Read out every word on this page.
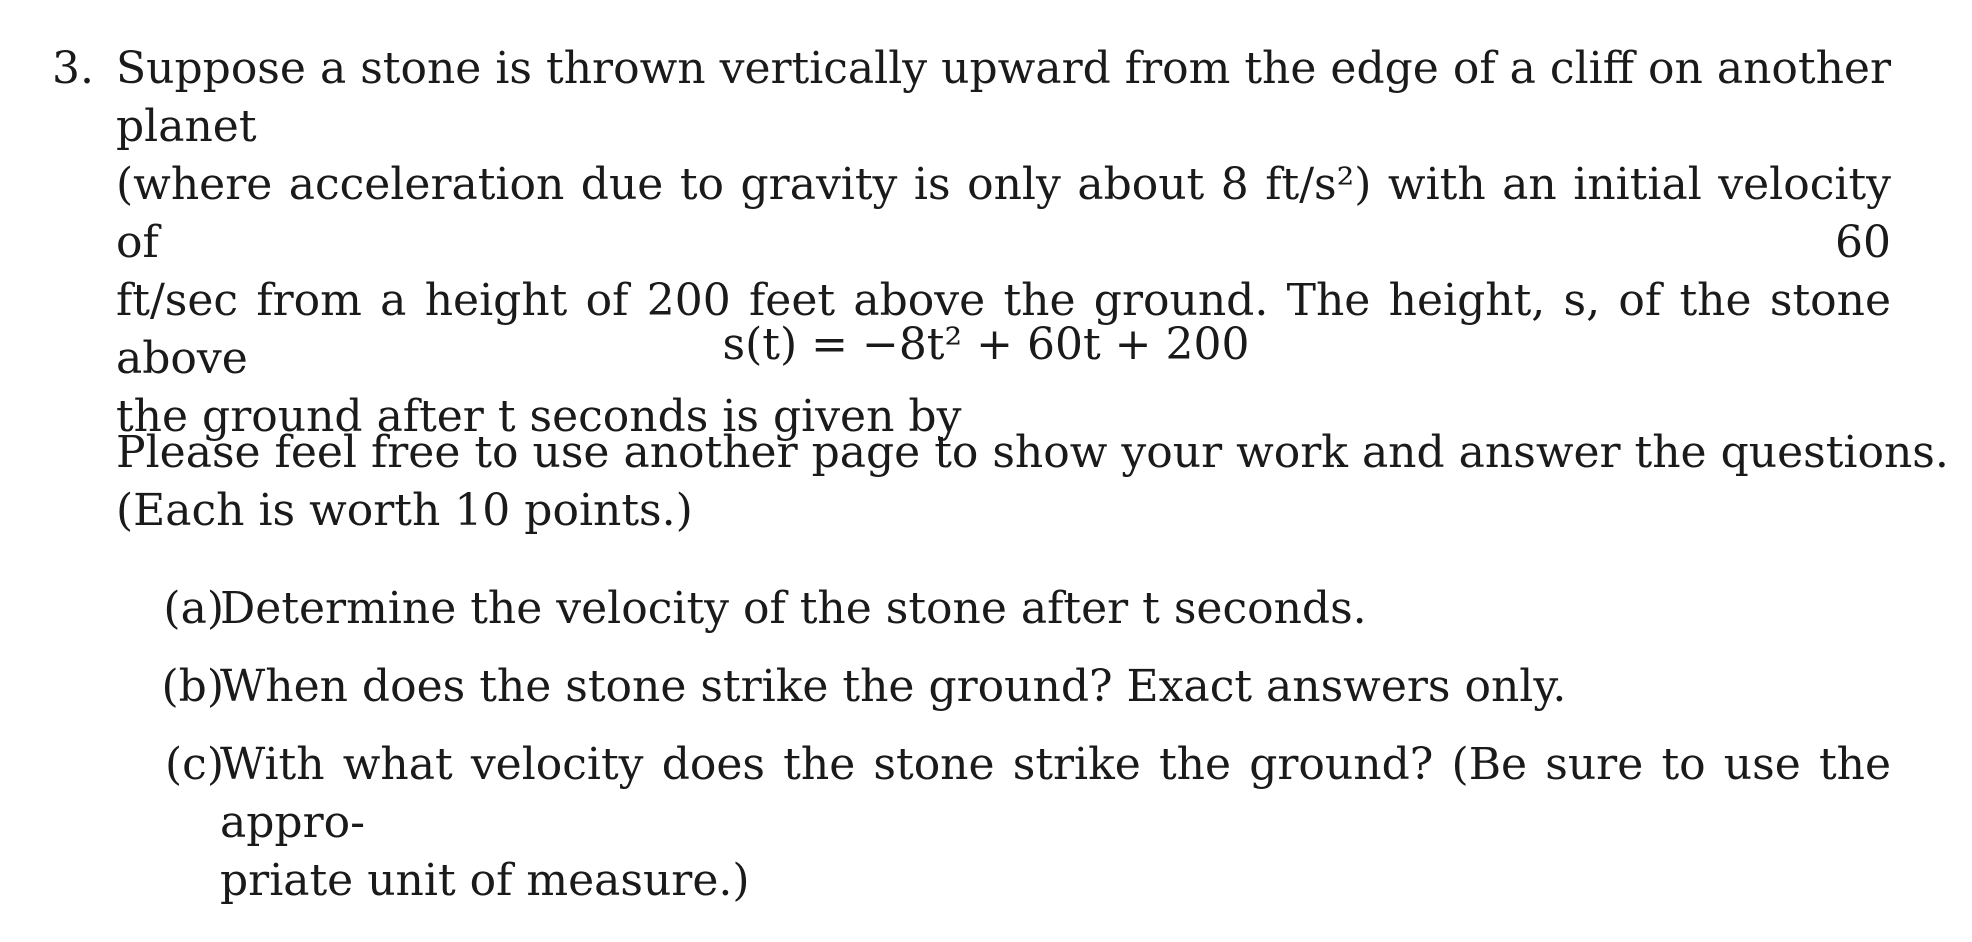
3. Suppose a stone is thrown vertically upward from the edge of a cliff on another planet
(where acceleration due to gravity is only about 8 ft/s²) with an initial velocity of 60
ft/sec from a height of 200 feet above the ground. The height, s, of the stone above
the ground after t seconds is given by
s(t) = −8t² + 60t + 200
Please feel free to use another page to show your work and answer the questions.
(Each is worth 10 points.)
(a)
Determine the velocity of the stone after t seconds.
(b)
When does the stone strike the ground? Exact answers only.
(c)
With what velocity does the stone strike the ground? (Be sure to use the appro-
priate unit of measure.)
